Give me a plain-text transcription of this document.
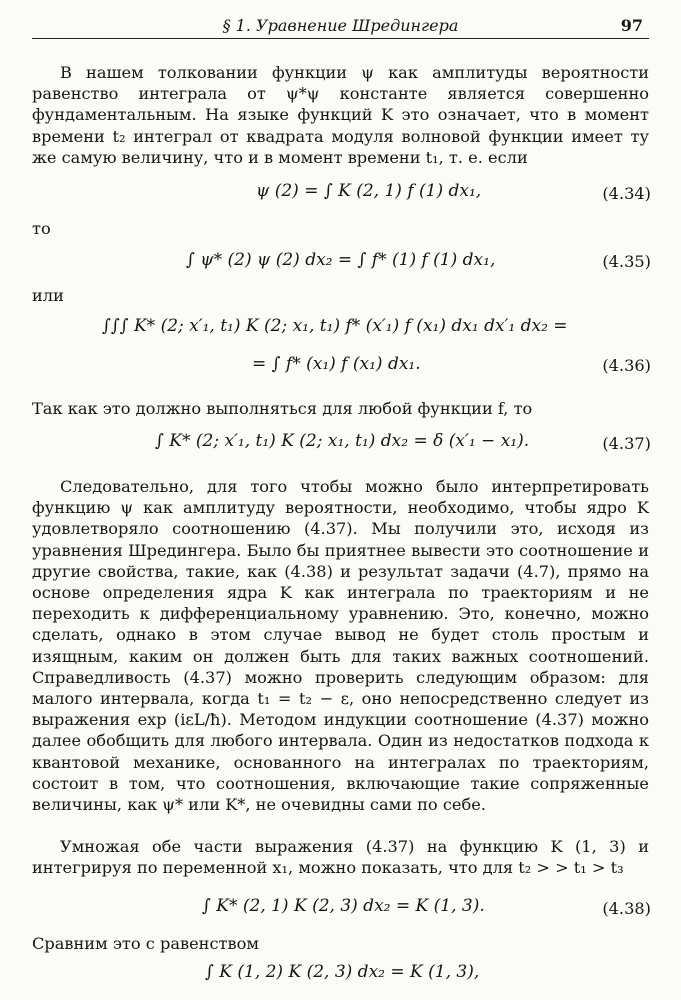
§ 1. Уравнение Шредингера	97
В нашем толковании функции ψ как амплитуды вероятности равенство интеграла от ψ*ψ константе является совершенно фундаментальным. На языке функций K это означает, что в момент времени t₂ интеграл от квадрата модуля волновой функции имеет ту же самую величину, что и в момент времени t₁, т. е. если
ψ (2) = ∫ K (2, 1) f (1) dx₁,	(4.34)
то
∫ ψ* (2) ψ (2) dx₂ = ∫ f* (1) f (1) dx₁,	(4.35)
или
∫∫∫ K* (2; x′₁, t₁) K (2; x₁, t₁) f* (x′₁) f (x₁) dx₁ dx′₁ dx₂ =
= ∫ f* (x₁) f (x₁) dx₁.	(4.36)
Так как это должно выполняться для любой функции f, то
∫ K* (2; x′₁, t₁) K (2; x₁, t₁) dx₂ = δ (x′₁ − x₁).	(4.37)
Следовательно, для того чтобы можно было интерпретировать функцию ψ как амплитуду вероятности, необходимо, чтобы ядро K удовлетворяло соотношению (4.37). Мы получили это, исходя из уравнения Шредингера. Было бы приятнее вывести это соотношение и другие свойства, такие, как (4.38) и результат задачи (4.7), прямо на основе определения ядра K как интеграла по траекториям и не переходить к дифференциальному уравнению. Это, конечно, можно сделать, однако в этом случае вывод не будет столь простым и изящным, каким он должен быть для таких важных соотношений. Справедливость (4.37) можно проверить следующим образом: для малого интервала, когда t₁ = t₂ − ε, оно непосредственно следует из выражения exp (iεL/ħ). Методом индукции соотношение (4.37) можно далее обобщить для любого интервала. Один из недостатков подхода к квантовой механике, основанного на интегралах по траекториям, состоит в том, что соотношения, включающие такие сопряженные величины, как ψ* или K*, не очевидны сами по себе.
Умножая обе части выражения (4.37) на функцию K (1, 3) и интегрируя по переменной x₁, можно показать, что для t₂ > > t₁ > t₃
∫ K* (2, 1) K (2, 3) dx₂ = K (1, 3).	(4.38)
Сравним это с равенством
∫ K (1, 2) K (2, 3) dx₂ = K (1, 3),
